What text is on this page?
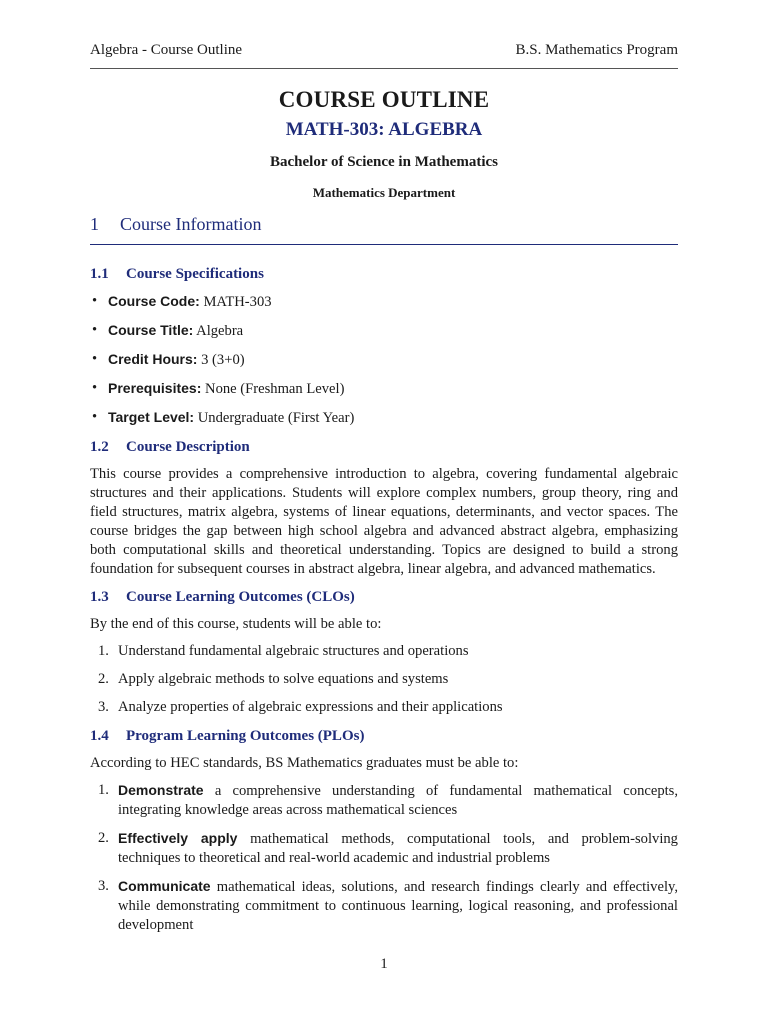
Algebra - Course Outline	B.S. Mathematics Program
COURSE OUTLINE
MATH-303: ALGEBRA

Bachelor of Science in Mathematics

Mathematics Department

1 Course Information
1.1 Course Specifications
• Course Code: MATH-303
• Course Title: Algebra
• Credit Hours: 3 (3+0)
• Prerequisites: None (Freshman Level)
• Target Level: Undergraduate (First Year)
1.2 Course Description

This course provides a comprehensive introduction to algebra, covering fundamental algebraic structures and their applications. Students will explore complex numbers, group theory, ring and field structures, matrix algebra, systems of linear equations, determinants, and vector spaces. The course bridges the gap between high school algebra and advanced abstract algebra, emphasizing both computational skills and theoretical understanding. Topics are designed to build a strong foundation for subsequent courses in abstract algebra, linear algebra, and advanced mathematics.

1.3 Course Learning Outcomes (CLOs)

By the end of this course, students will be able to:

1. Understand fundamental algebraic structures and operations
2. Apply algebraic methods to solve equations and systems
3. Analyze properties of algebraic expressions and their applications
1.4 Program Learning Outcomes (PLOs)

According to HEC standards, BS Mathematics graduates must be able to:

1. Demonstrate a comprehensive understanding of fundamental mathematical concepts, integrating knowledge areas across mathematical sciences
2. Effectively apply mathematical methods, computational tools, and problem-solving techniques to theoretical and real-world academic and industrial problems
3. Communicate mathematical ideas, solutions, and research findings clearly and effectively, while demonstrating commitment to continuous learning, logical reasoning, and professional development
1
